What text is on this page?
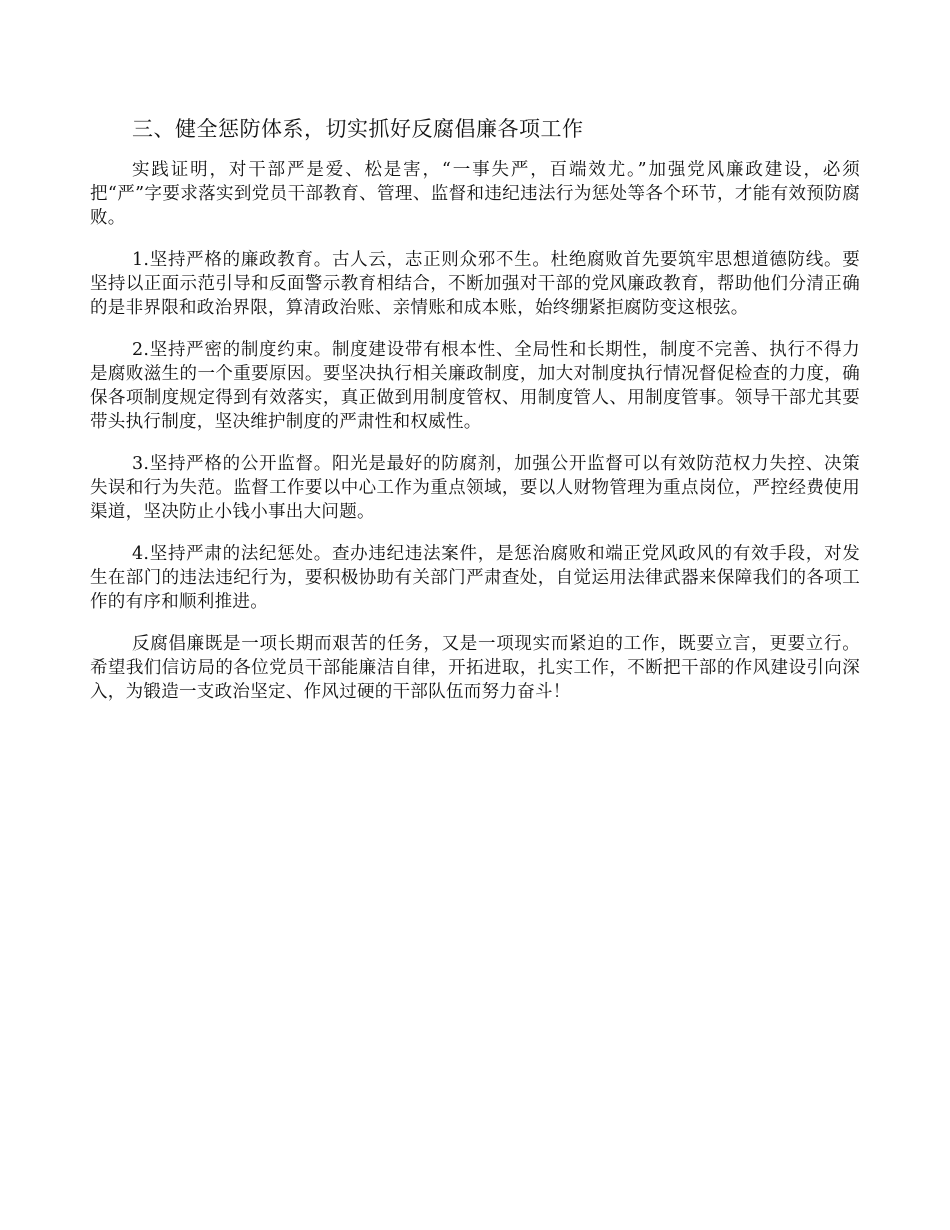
三、健全惩防体系，切实抓好反腐倡廉各项工作

实践证明，对干部严是爱、松是害，“一事失严，百端效尤。”加强党风廉政建设，必须把“严”字要求落实到党员干部教育、管理、监督和违纪违法行为惩处等各个环节，才能有效预防腐败。

1.坚持严格的廉政教育。古人云，志正则众邪不生。杜绝腐败首先要筑牢思想道德防线。要坚持以正面示范引导和反面警示教育相结合，不断加强对干部的党风廉政教育，帮助他们分清正确的是非界限和政治界限，算清政治账、亲情账和成本账，始终绷紧拒腐防变这根弦。

2.坚持严密的制度约束。制度建设带有根本性、全局性和长期性，制度不完善、执行不得力是腐败滋生的一个重要原因。要坚决执行相关廉政制度，加大对制度执行情况督促检查的力度，确保各项制度规定得到有效落实，真正做到用制度管权、用制度管人、用制度管事。领导干部尤其要带头执行制度，坚决维护制度的严肃性和权威性。

3.坚持严格的公开监督。阳光是最好的防腐剂，加强公开监督可以有效防范权力失控、决策失误和行为失范。监督工作要以中心工作为重点领域，要以人财物管理为重点岗位，严控经费使用渠道，坚决防止小钱小事出大问题。

4.坚持严肃的法纪惩处。查办违纪违法案件，是惩治腐败和端正党风政风的有效手段，对发生在部门的违法违纪行为，要积极协助有关部门严肃查处，自觉运用法律武器来保障我们的各项工作的有序和顺利推进。

反腐倡廉既是一项长期而艰苦的任务，又是一项现实而紧迫的工作，既要立言，更要立行。希望我们信访局的各位党员干部能廉洁自律，开拓进取，扎实工作，不断把干部的作风建设引向深入，为锻造一支政治坚定、作风过硬的干部队伍而努力奋斗！
